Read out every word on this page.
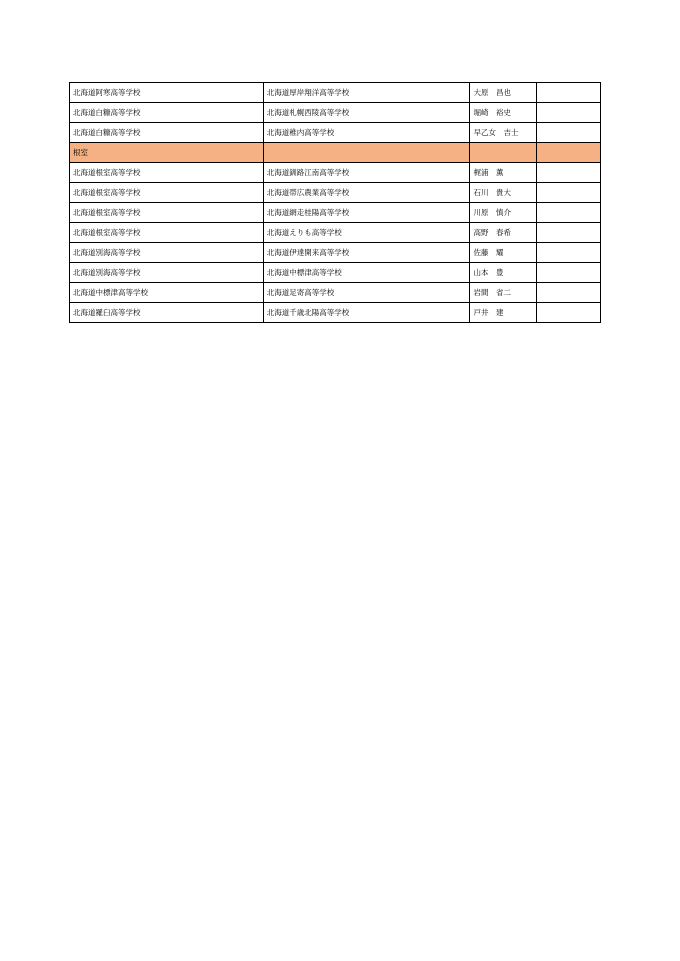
北海道阿寒高等学校	北海道厚岸翔洋高等学校	大原　昌也	
北海道白糠高等学校	北海道札幌西陵高等学校	堀崎　裕史	
北海道白糠高等学校	北海道稚内高等学校	早乙女　吉士	
根室			
北海道根室高等学校	北海道釧路江南高等学校	梶浦　薫	
北海道根室高等学校	北海道帯広農業高等学校	石川　貴大	
北海道根室高等学校	北海道網走桂陽高等学校	川原　慎介	
北海道根室高等学校	北海道えりも高等学校	高野　春希	
北海道別海高等学校	北海道伊達開来高等学校	佐藤　耀	
北海道別海高等学校	北海道中標津高等学校	山本　豊	
北海道中標津高等学校	北海道足寄高等学校	岩間　省二	
北海道羅臼高等学校	北海道千歳北陽高等学校	戸井　建	
